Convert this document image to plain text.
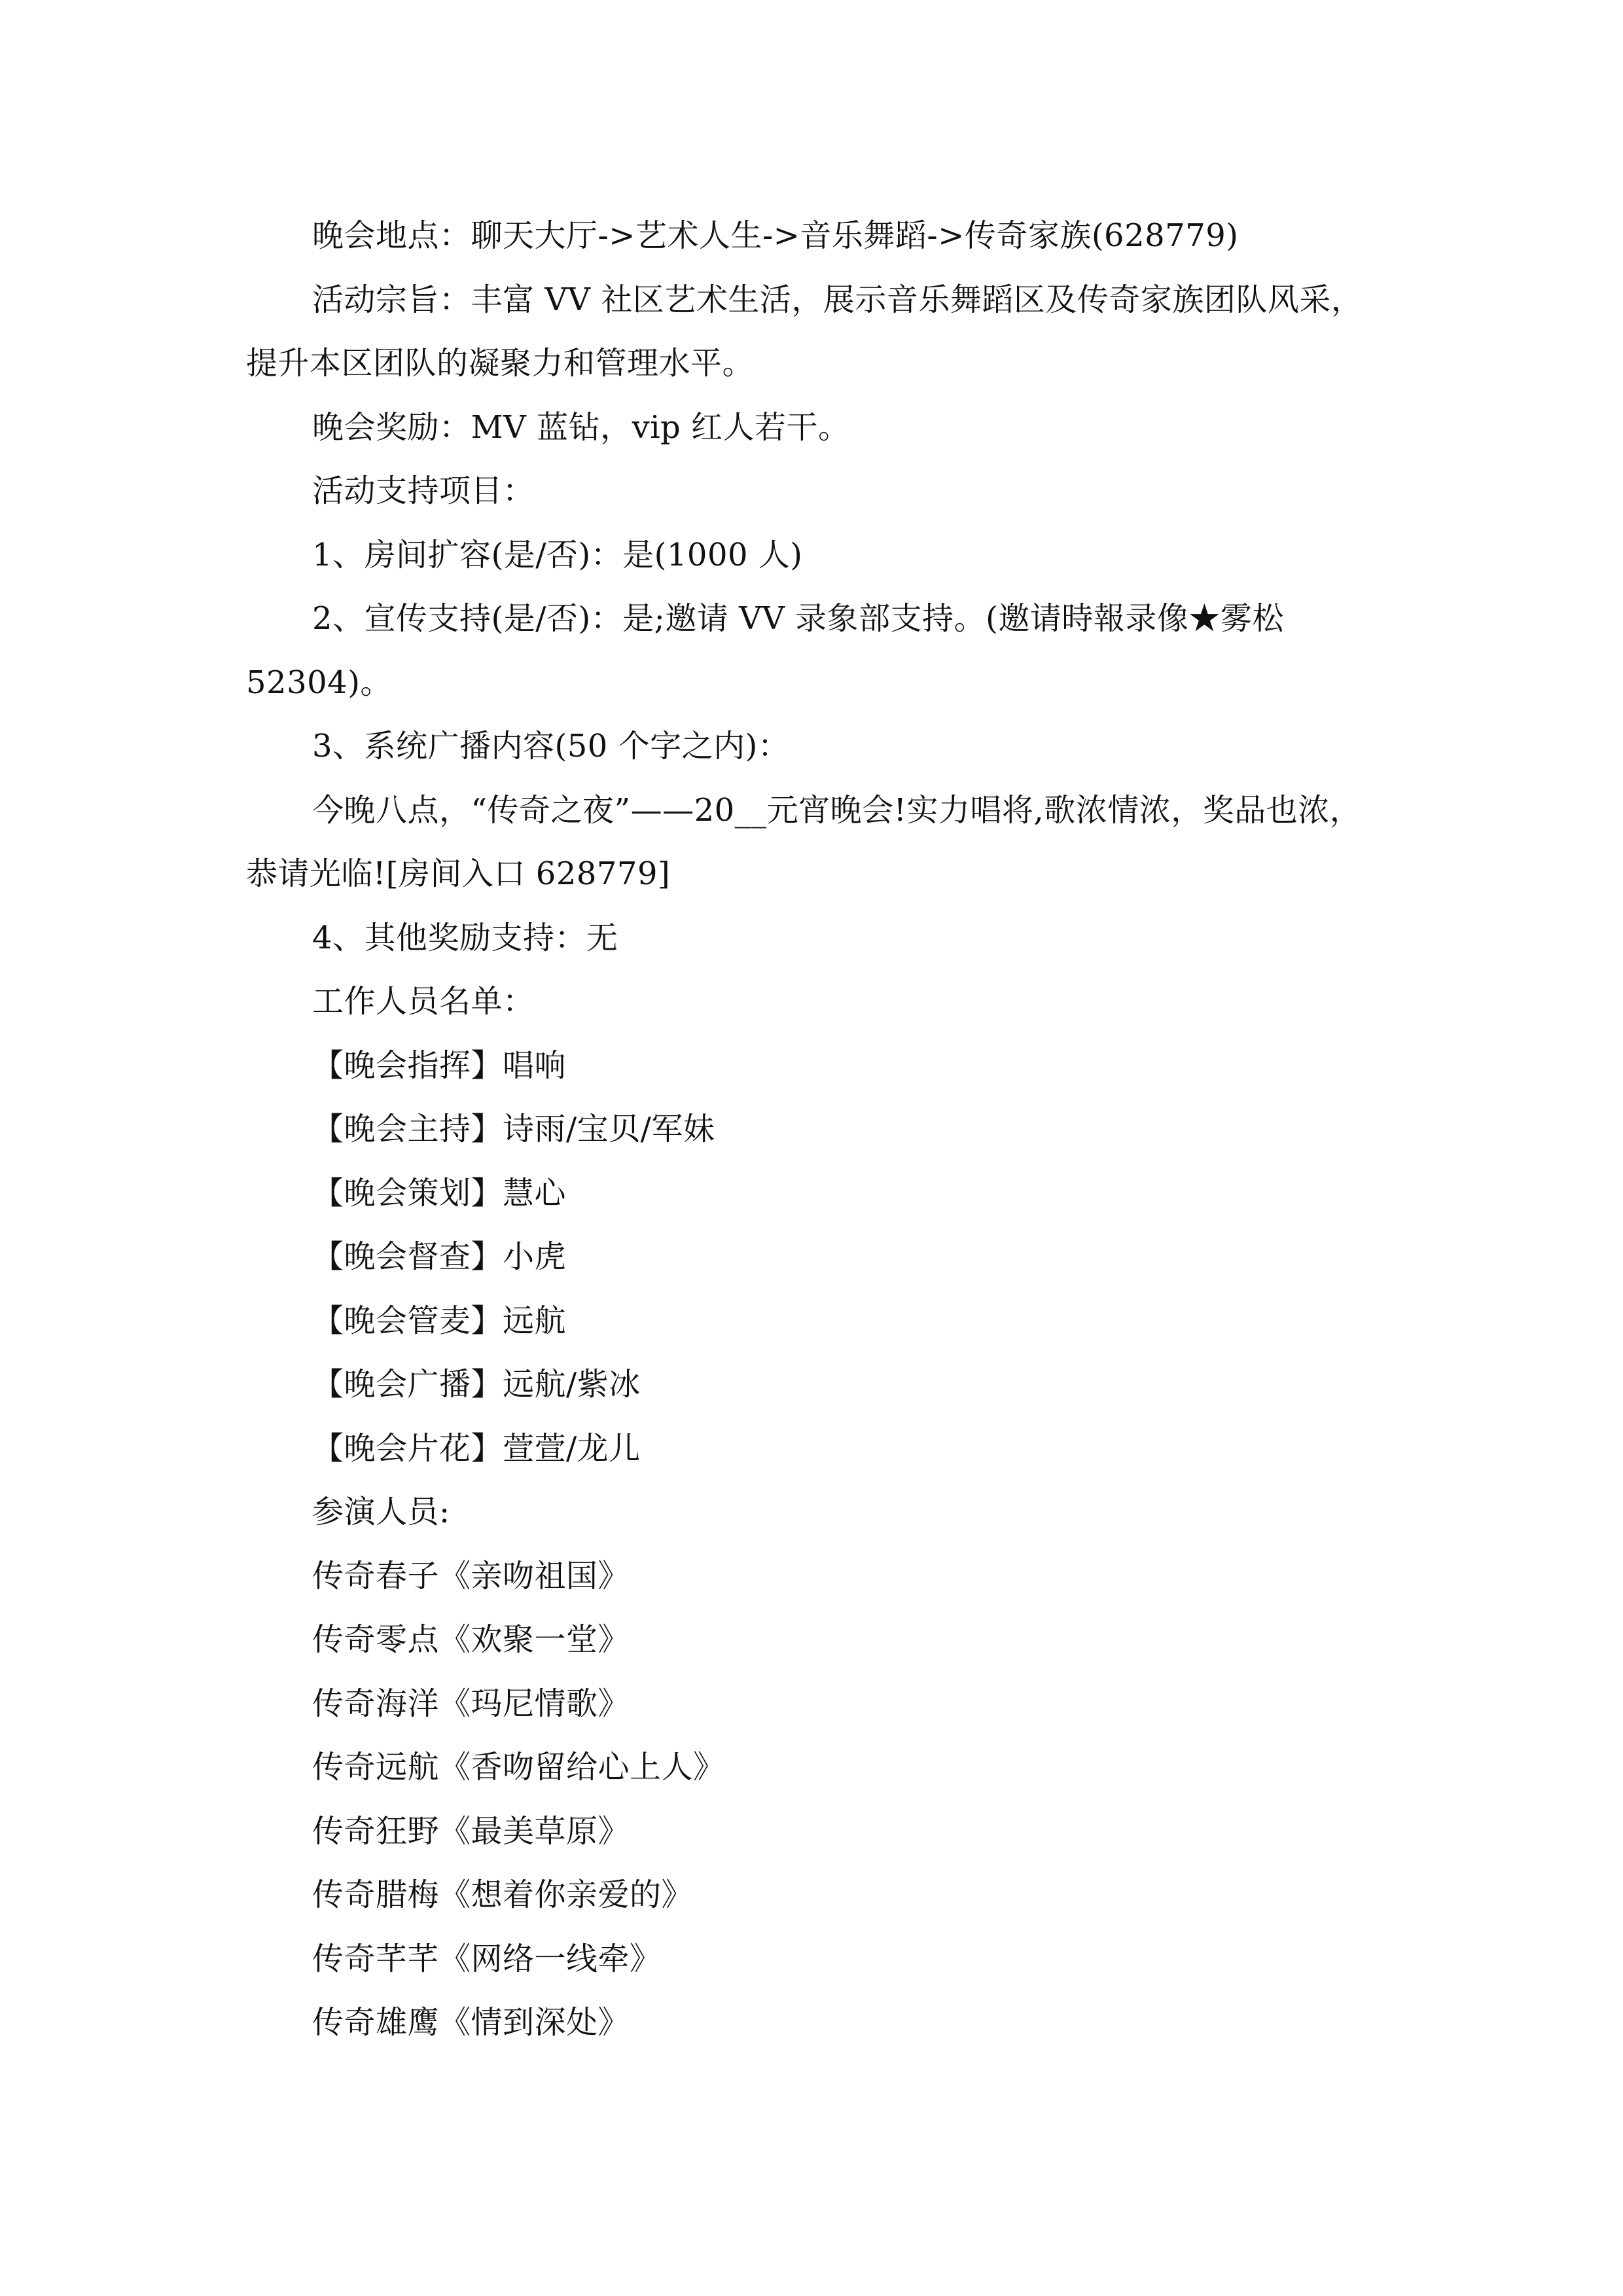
晚会地点：聊天大厅->艺术人生->音乐舞蹈->传奇家族(628779)

活动宗旨：丰富 VV 社区艺术生活，展示音乐舞蹈区及传奇家族团队风采，提升本区团队的凝聚力和管理水平。

晚会奖励：MV 蓝钻，vip 红人若干。

活动支持项目：

1、房间扩容(是/否)：是(1000 人)

2、宣传支持(是/否)：是;邀请 VV 录象部支持。(邀请時報录像★雾松 52304)。

3、系统广播内容(50 个字之内)：

今晚八点，“传奇之夜”——20__元宵晚会!实力唱将,歌浓情浓，奖品也浓，恭请光临![房间入口 628779]

4、其他奖励支持：无

工作人员名单：

【晚会指挥】唱响

【晚会主持】诗雨/宝贝/军妹

【晚会策划】慧心

【晚会督查】小虎

【晚会管麦】远航

【晚会广播】远航/紫冰

【晚会片花】萱萱/龙儿

参演人员:

传奇春子《亲吻祖国》

传奇零点《欢聚一堂》

传奇海洋《玛尼情歌》

传奇远航《香吻留给心上人》

传奇狂野《最美草原》

传奇腊梅《想着你亲爱的》

传奇芊芊《网络一线牵》

传奇雄鹰《情到深处》
